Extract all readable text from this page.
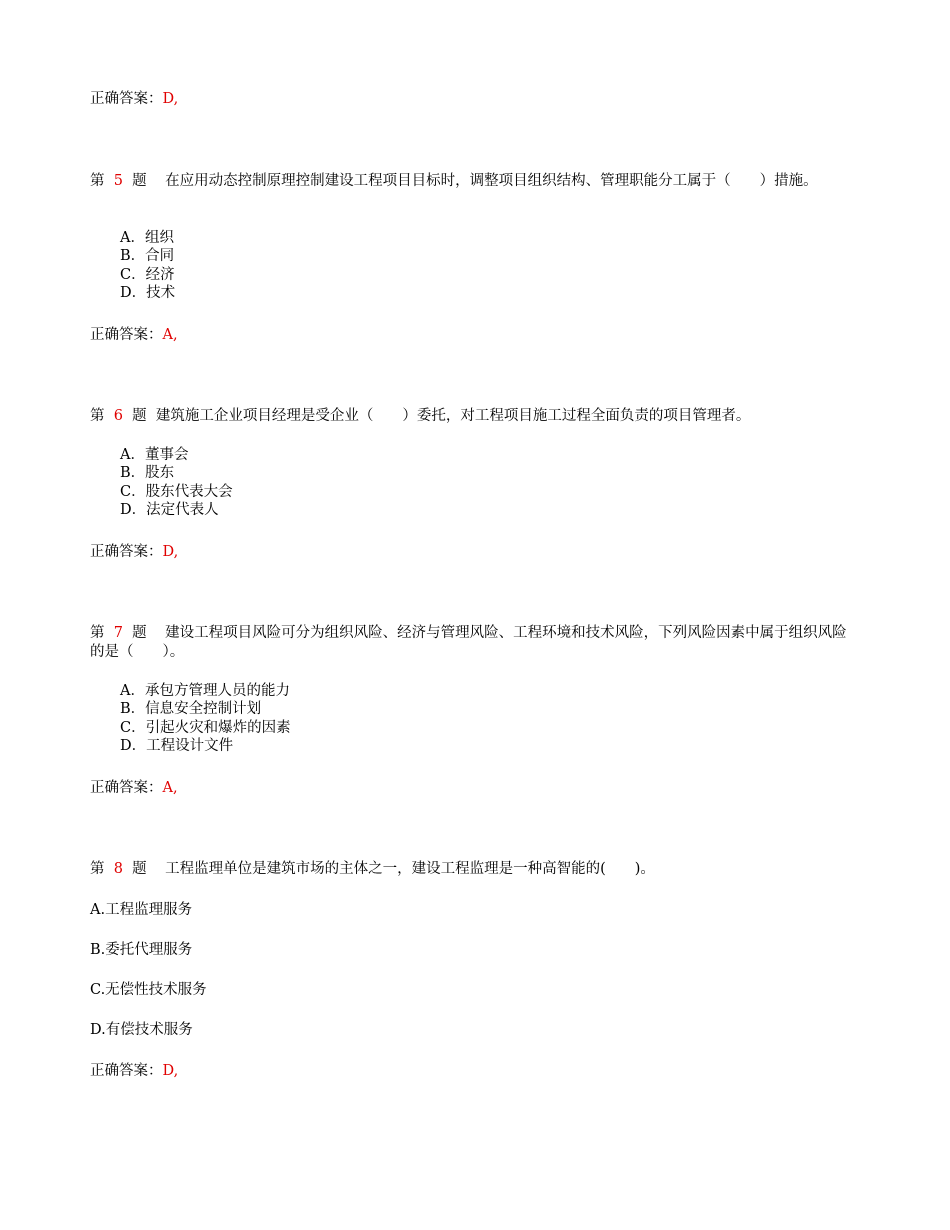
正确答案：D,
第 5 题 在应用动态控制原理控制建设工程项目目标时，调整项目组织结构、管理职能分工属于（　　）措施。
A．组织
B．合同
C．经济
D．技术
正确答案：A,
第 6 题 建筑施工企业项目经理是受企业（　　）委托，对工程项目施工过程全面负责的项目管理者。
A．董事会
B．股东
C．股东代表大会
D．法定代表人
正确答案：D,
第 7 题 建设工程项目风险可分为组织风险、经济与管理风险、工程环境和技术风险，下列风险因素中属于组织风险的是（　　）。
A．承包方管理人员的能力
B．信息安全控制计划
C．引起火灾和爆炸的因素
D．工程设计文件
正确答案：A,
第 8 题 工程监理单位是建筑市场的主体之一，建设工程监理是一种高智能的(　　)。
A.工程监理服务
B.委托代理服务
C.无偿性技术服务
D.有偿技术服务
正确答案：D,
